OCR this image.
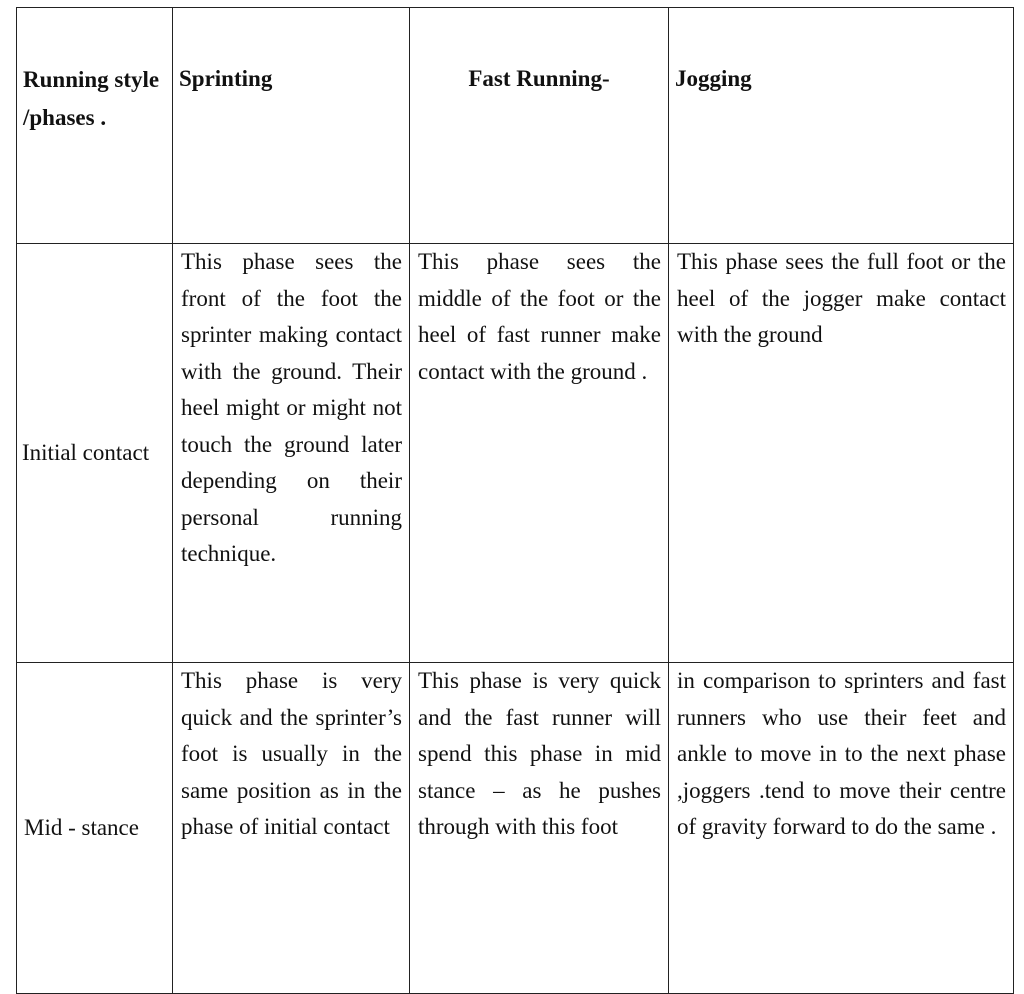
Running style /phases .	Sprinting	Fast Running-	Jogging
Initial contact	This phase sees the front of the foot the sprinter making contact with the ground. Their heel might or might not touch the ground later depending on their personal running technique.	This phase sees the middle of the foot or the heel of fast runner make contact with the ground .	This phase sees the full foot or the heel of the jogger make contact with the ground
Mid - stance	This phase is very quick and the sprinter’s foot is usually in the same position as in the phase of initial contact	This phase is very quick and the fast runner will spend this phase in mid stance – as he pushes through with this foot	in comparison to sprinters and fast runners who use their feet and ankle to move in to the next phase ,joggers .tend to move their centre of gravity forward to do the same .
